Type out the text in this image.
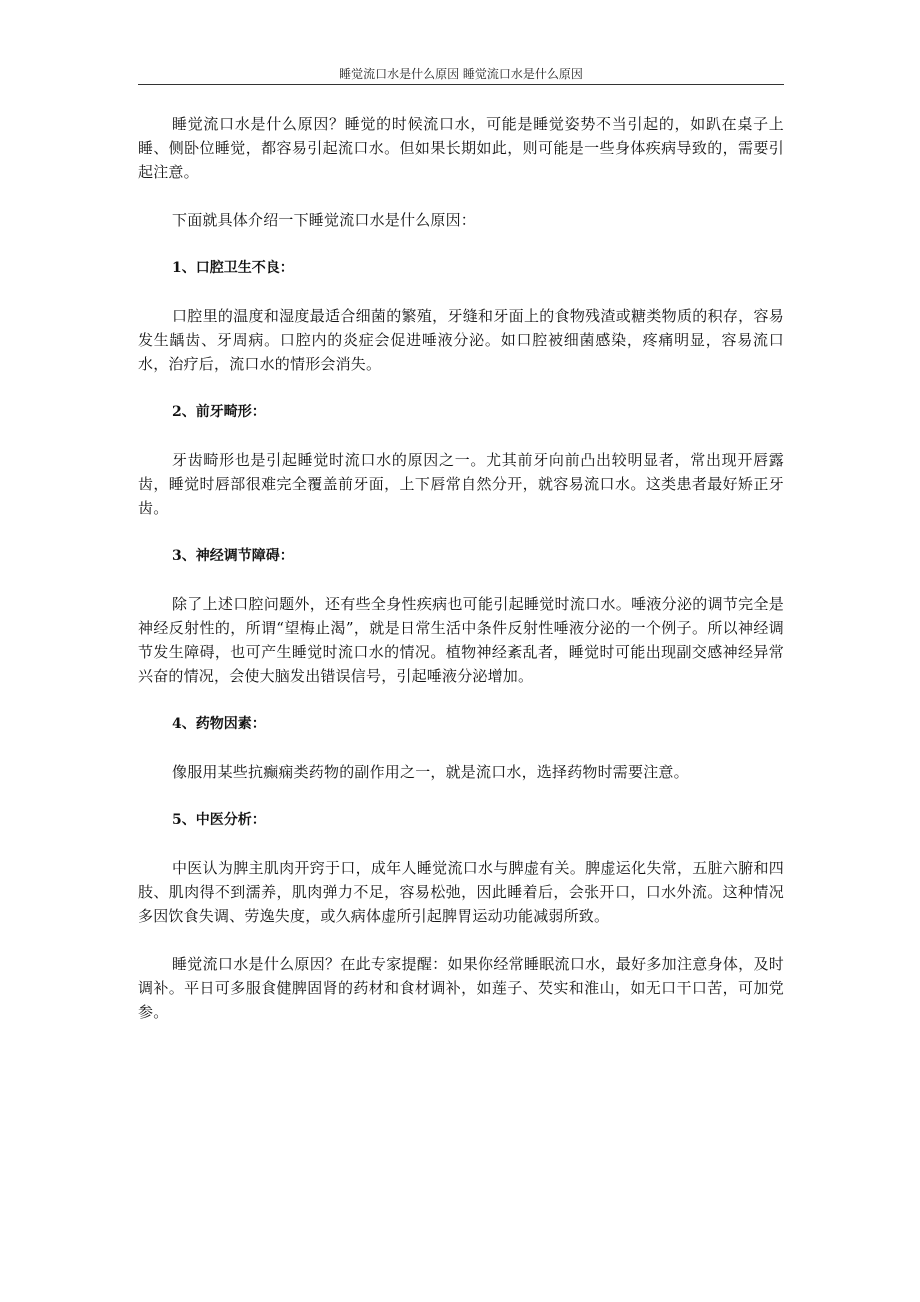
睡觉流口水是什么原因 睡觉流口水是什么原因

睡觉流口水是什么原因？睡觉的时候流口水，可能是睡觉姿势不当引起的，如趴在桌子上睡、侧卧位睡觉，都容易引起流口水。但如果长期如此，则可能是一些身体疾病导致的，需要引起注意。

下面就具体介绍一下睡觉流口水是什么原因：

1、口腔卫生不良：

口腔里的温度和湿度最适合细菌的繁殖，牙缝和牙面上的食物残渣或糖类物质的积存，容易发生龋齿、牙周病。口腔内的炎症会促进唾液分泌。如口腔被细菌感染，疼痛明显，容易流口水，治疗后，流口水的情形会消失。

2、前牙畸形：

牙齿畸形也是引起睡觉时流口水的原因之一。尤其前牙向前凸出较明显者，常出现开唇露齿，睡觉时唇部很难完全覆盖前牙面，上下唇常自然分开，就容易流口水。这类患者最好矫正牙齿。

3、神经调节障碍：

除了上述口腔问题外，还有些全身性疾病也可能引起睡觉时流口水。唾液分泌的调节完全是神经反射性的，所谓“望梅止渴”，就是日常生活中条件反射性唾液分泌的一个例子。所以神经调节发生障碍，也可产生睡觉时流口水的情况。植物神经紊乱者，睡觉时可能出现副交感神经异常兴奋的情况，会使大脑发出错误信号，引起唾液分泌增加。

4、药物因素：

像服用某些抗癫痫类药物的副作用之一，就是流口水，选择药物时需要注意。

5、中医分析：

中医认为脾主肌肉开窍于口，成年人睡觉流口水与脾虚有关。脾虚运化失常，五脏六腑和四肢、肌肉得不到濡养，肌肉弹力不足，容易松弛，因此睡着后，会张开口，口水外流。这种情况多因饮食失调、劳逸失度，或久病体虚所引起脾胃运动功能减弱所致。

睡觉流口水是什么原因？在此专家提醒：如果你经常睡眠流口水，最好多加注意身体，及时调补。平日可多服食健脾固肾的药材和食材调补，如莲子、芡实和淮山，如无口干口苦，可加党参。
